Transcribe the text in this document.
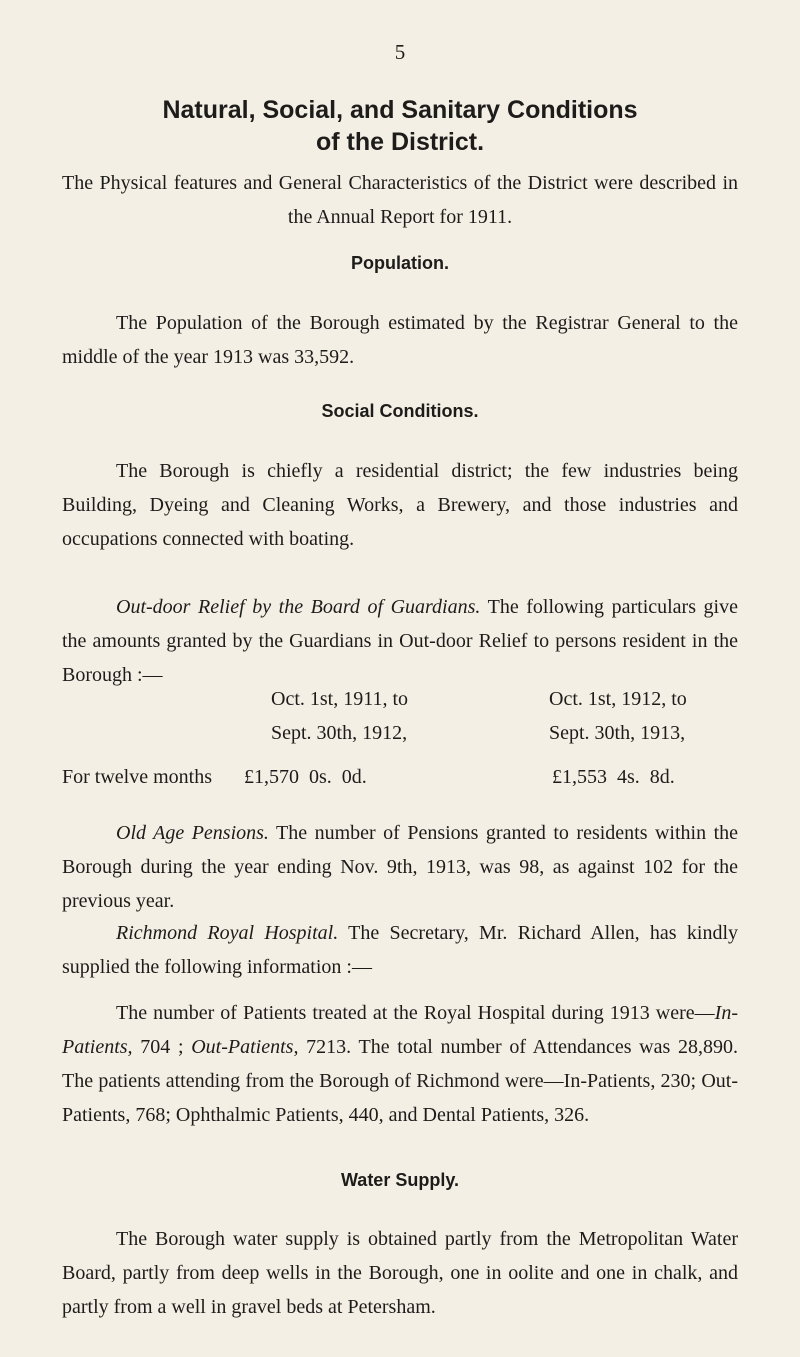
5
Natural, Social, and Sanitary Conditions
of the District.

The Physical features and General Characteristics of the District were described in the Annual Report for 1911.

Population.

The Population of the Borough estimated by the Registrar General to the middle of the year 1913 was 33,592.

Social Conditions.

The Borough is chiefly a residential district; the few industries being Building, Dyeing and Cleaning Works, a Brewery, and those industries and occupations connected with boating.

Out-door Relief by the Board of Guardians. The following particulars give the amounts granted by the Guardians in Out-door Relief to persons resident in the Borough :—

Oct. 1st, 1911, to	Oct. 1st, 1912, to
Sept. 30th, 1912,	Sept. 30th, 1913,
For twelve months £1,570  0s.  0d.	£1,553  4s.  8d.

Old Age Pensions. The number of Pensions granted to residents within the Borough during the year ending Nov. 9th, 1913, was 98, as against 102 for the previous year.

Richmond Royal Hospital. The Secretary, Mr. Richard Allen, has kindly supplied the following information :—

The number of Patients treated at the Royal Hospital during 1913 were—In-Patients, 704 ; Out-Patients, 7213. The total number of Attendances was 28,890. The patients attending from the Borough of Richmond were—In-Patients, 230; Out-Patients, 768; Ophthalmic Patients, 440, and Dental Patients, 326.

Water Supply.

The Borough water supply is obtained partly from the Metropolitan Water Board, partly from deep wells in the Borough, one in oolite and one in chalk, and partly from a well in gravel beds at Petersham.
